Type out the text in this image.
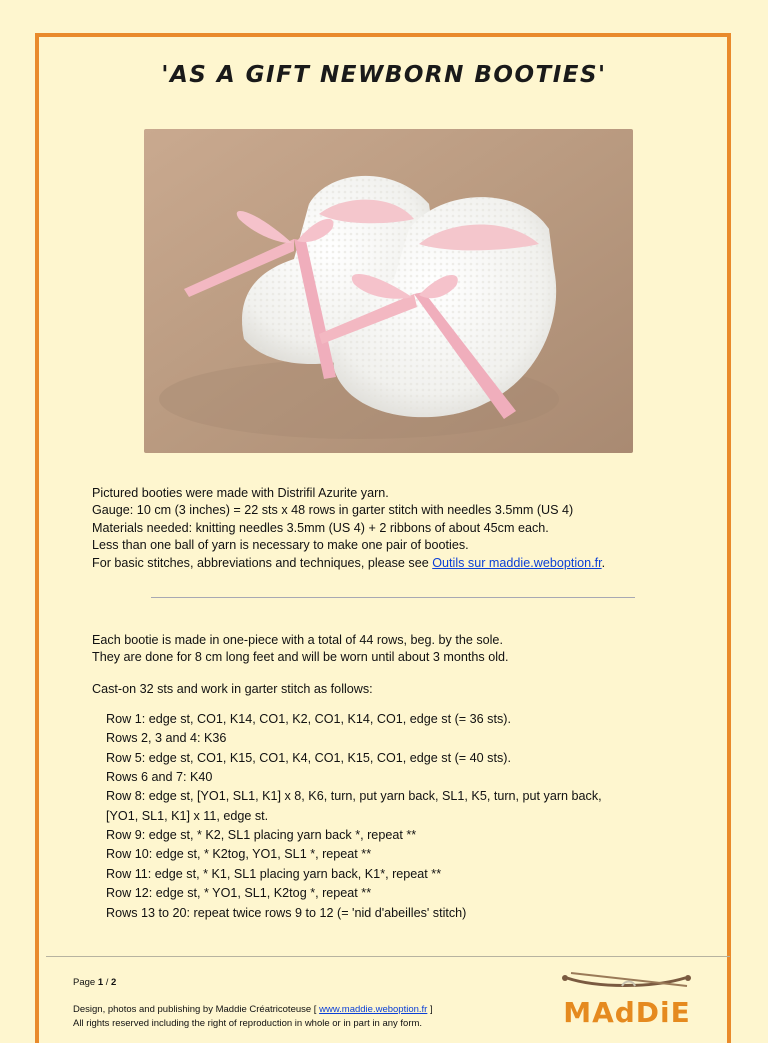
'AS A GIFT NEWBORN BOOTIES'
Pictured booties were made with Distrifil Azurite yarn.
Gauge: 10 cm (3 inches) = 22 sts x 48 rows in garter stitch with needles 3.5mm (US 4)
Materials needed: knitting needles 3.5mm (US 4) + 2 ribbons of about 45cm each.
Less than one ball of yarn is necessary to make one pair of booties.
For basic stitches, abbreviations and techniques, please see Outils sur maddie.weboption.fr.
Each bootie is made in one-piece with a total of 44 rows, beg. by the sole.
They are done for 8 cm long feet and will be worn until about 3 months old.
Cast-on 32 sts and work in garter stitch as follows:
Row 1: edge st, CO1, K14, CO1, K2, CO1, K14, CO1, edge st (= 36 sts).
Rows 2, 3 and 4: K36
Row 5: edge st, CO1, K15, CO1, K4, CO1, K15, CO1, edge st (= 40 sts).
Rows 6 and 7: K40
Row 8: edge st, [YO1, SL1, K1] x 8, K6, turn, put yarn back, SL1, K5, turn, put yarn back,
[YO1, SL1, K1] x 11, edge st.
Row 9: edge st, * K2, SL1 placing yarn back *, repeat **
Row 10: edge st, * K2tog, YO1, SL1 *, repeat **
Row 11: edge st, * K1, SL1 placing yarn back, K1*, repeat **
Row 12: edge st, * YO1, SL1, K2tog *, repeat **
Rows 13 to 20: repeat twice rows 9 to 12 (= 'nid d'abeilles' stitch)
Page 1 / 2
Design, photos and publishing by Maddie Créatricoteuse [ www.maddie.weboption.fr ]
All rights reserved including the right of reproduction in whole or in part in any form.	MAdDiE
